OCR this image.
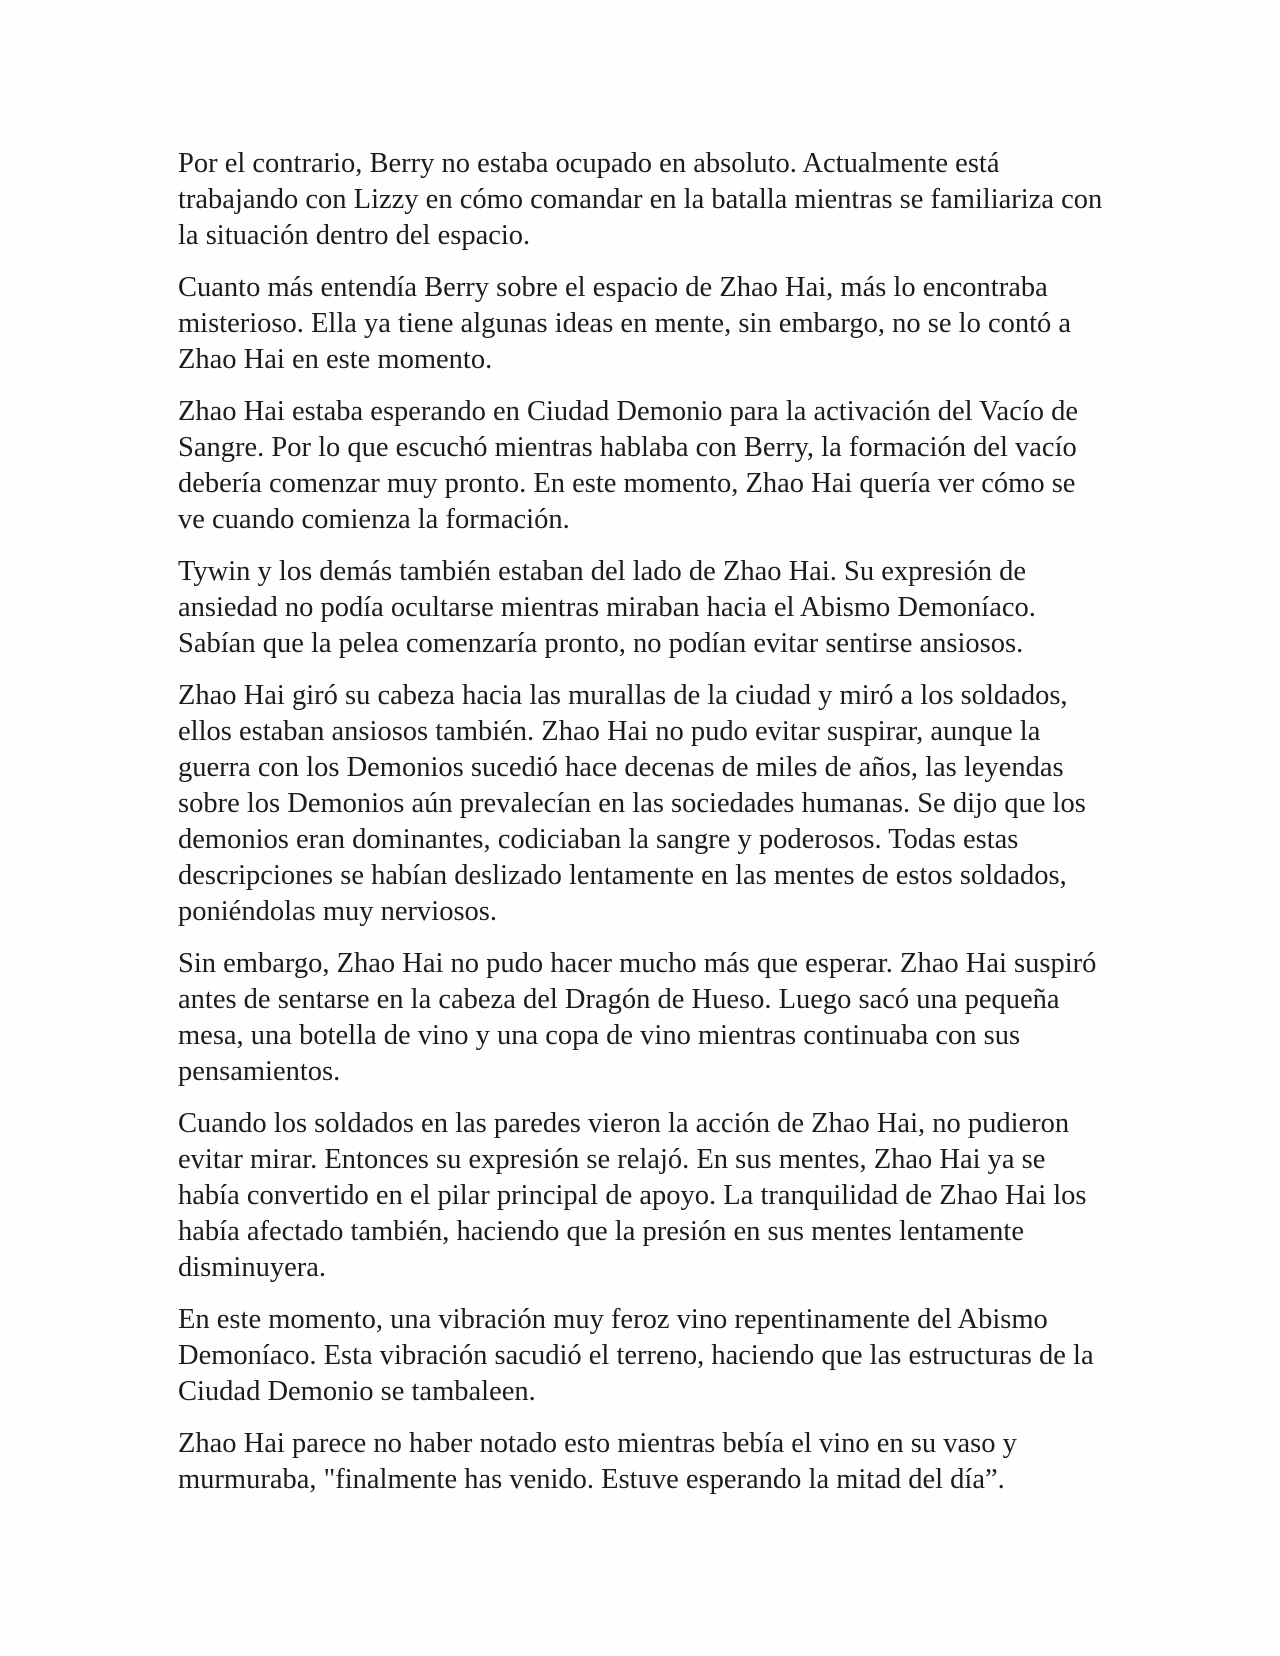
Por el contrario, Berry no estaba ocupado en absoluto. Actualmente está trabajando con Lizzy en cómo comandar en la batalla mientras se familiariza con la situación dentro del espacio.

Cuanto más entendía Berry sobre el espacio de Zhao Hai, más lo encontraba misterioso. Ella ya tiene algunas ideas en mente, sin embargo, no se lo contó a Zhao Hai en este momento.

Zhao Hai estaba esperando en Ciudad Demonio para la activación del Vacío de Sangre. Por lo que escuchó mientras hablaba con Berry, la formación del vacío debería comenzar muy pronto. En este momento, Zhao Hai quería ver cómo se ve cuando comienza la formación.

Tywin y los demás también estaban del lado de Zhao Hai. Su expresión de ansiedad no podía ocultarse mientras miraban hacia el Abismo Demoníaco. Sabían que la pelea comenzaría pronto, no podían evitar sentirse ansiosos.

Zhao Hai giró su cabeza hacia las murallas de la ciudad y miró a los soldados, ellos estaban ansiosos también. Zhao Hai no pudo evitar suspirar, aunque la guerra con los Demonios sucedió hace decenas de miles de años, las leyendas sobre los Demonios aún prevalecían en las sociedades humanas. Se dijo que los demonios eran dominantes, codiciaban la sangre y poderosos. Todas estas descripciones se habían deslizado lentamente en las mentes de estos soldados, poniéndolas muy nerviosos.

Sin embargo, Zhao Hai no pudo hacer mucho más que esperar. Zhao Hai suspiró antes de sentarse en la cabeza del Dragón de Hueso. Luego sacó una pequeña mesa, una botella de vino y una copa de vino mientras continuaba con sus pensamientos.

Cuando los soldados en las paredes vieron la acción de Zhao Hai, no pudieron evitar mirar. Entonces su expresión se relajó. En sus mentes, Zhao Hai ya se había convertido en el pilar principal de apoyo. La tranquilidad de Zhao Hai los había afectado también, haciendo que la presión en sus mentes lentamente disminuyera.

En este momento, una vibración muy feroz vino repentinamente del Abismo Demoníaco. Esta vibración sacudió el terreno, haciendo que las estructuras de la Ciudad Demonio se tambaleen.

Zhao Hai parece no haber notado esto mientras bebía el vino en su vaso y murmuraba, "finalmente has venido. Estuve esperando la mitad del día”.
